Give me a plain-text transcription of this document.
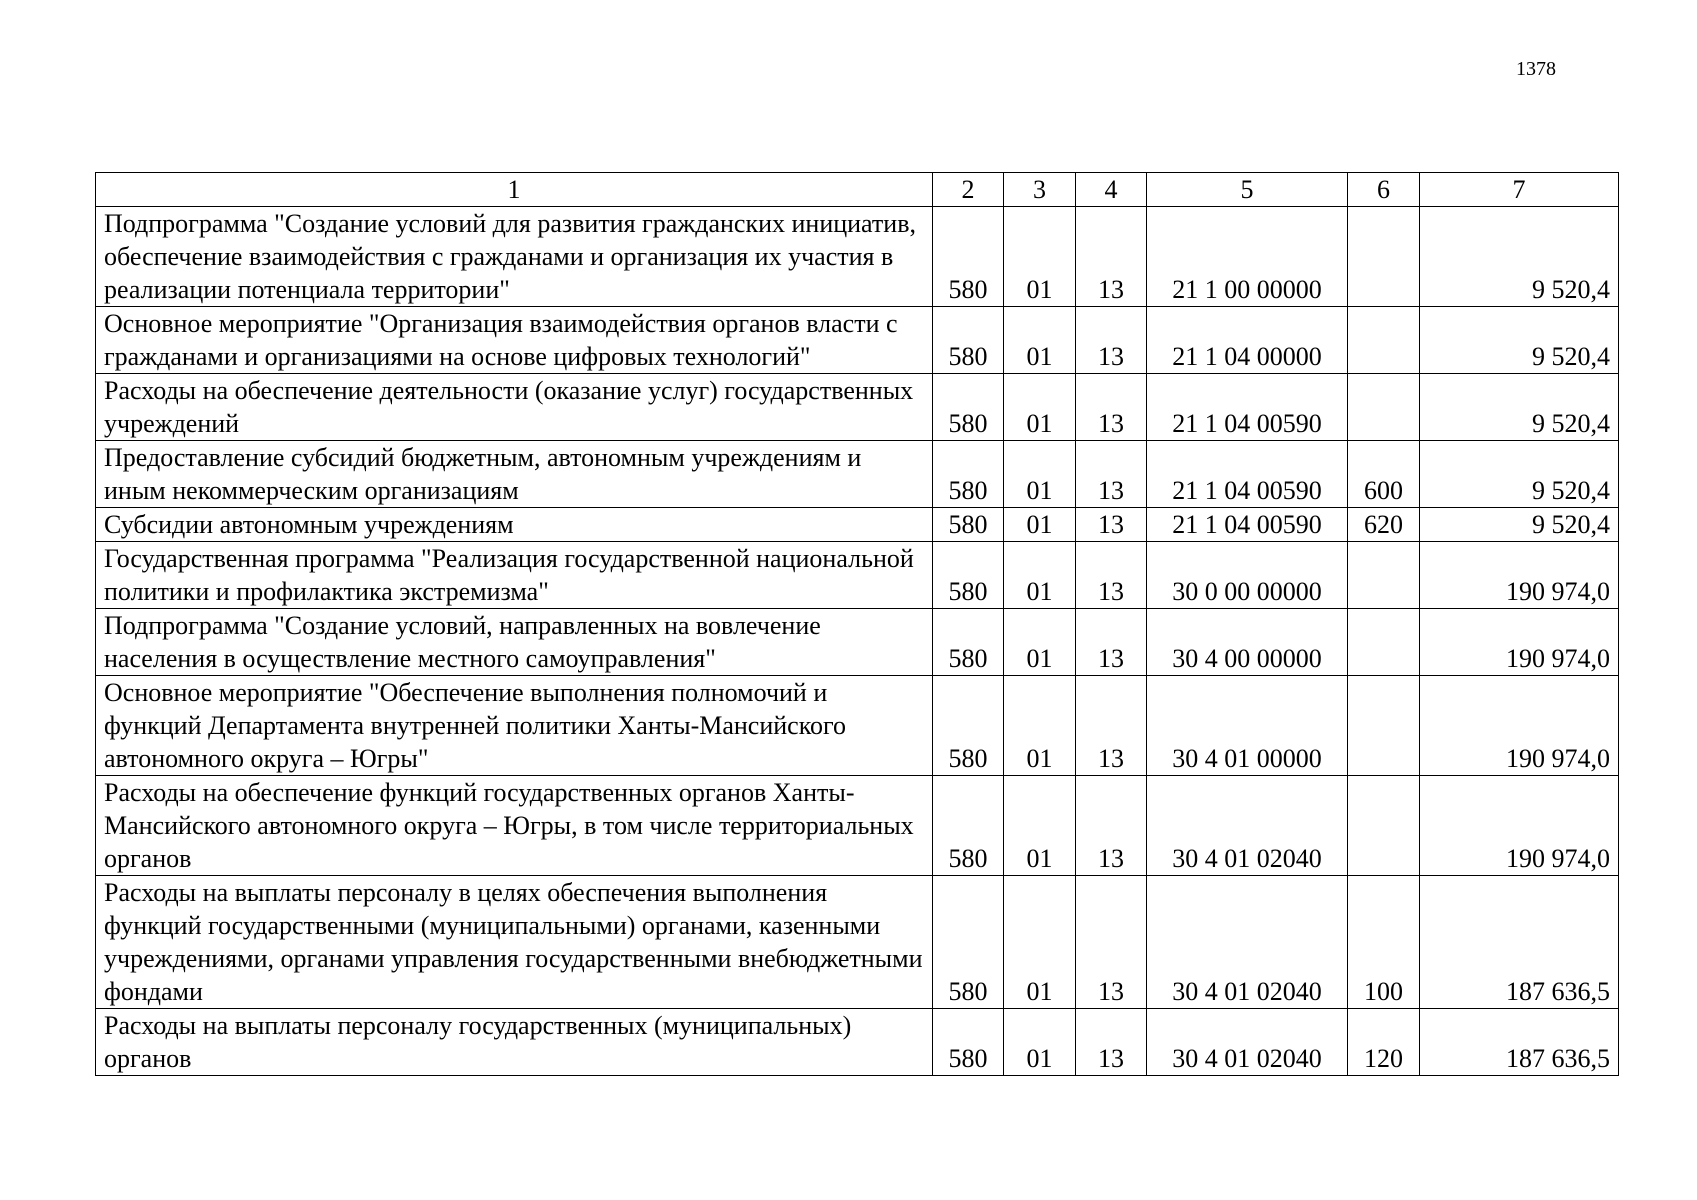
1378
1	2	3	4	5	6	7
Подпрограмма "Создание условий для развития гражданских инициатив, обеспечение взаимодействия с гражданами и организация их участия в реализации потенциала территории"	580	01	13	21 1 00 00000		9 520,4
Основное мероприятие "Организация взаимодействия органов власти с гражданами и организациями на основе цифровых технологий"	580	01	13	21 1 04 00000		9 520,4
Расходы на обеспечение деятельности (оказание услуг) государственных учреждений	580	01	13	21 1 04 00590		9 520,4
Предоставление субсидий бюджетным, автономным учреждениям и иным некоммерческим организациям	580	01	13	21 1 04 00590	600	9 520,4
Субсидии автономным учреждениям	580	01	13	21 1 04 00590	620	9 520,4
Государственная программа "Реализация государственной национальной политики и профилактика экстремизма"	580	01	13	30 0 00 00000		190 974,0
Подпрограмма "Создание условий, направленных на вовлечение населения в осуществление местного самоуправления"	580	01	13	30 4 00 00000		190 974,0
Основное мероприятие "Обеспечение выполнения полномочий и функций Департамента внутренней политики Ханты-Мансийского автономного округа – Югры"	580	01	13	30 4 01 00000		190 974,0
Расходы на обеспечение функций государственных органов Ханты-Мансийского автономного округа – Югры, в том числе территориальных органов	580	01	13	30 4 01 02040		190 974,0
Расходы на выплаты персоналу в целях обеспечения выполнения функций государственными (муниципальными) органами, казенными учреждениями, органами управления государственными внебюджетными фондами	580	01	13	30 4 01 02040	100	187 636,5
Расходы на выплаты персоналу государственных (муниципальных) органов	580	01	13	30 4 01 02040	120	187 636,5
